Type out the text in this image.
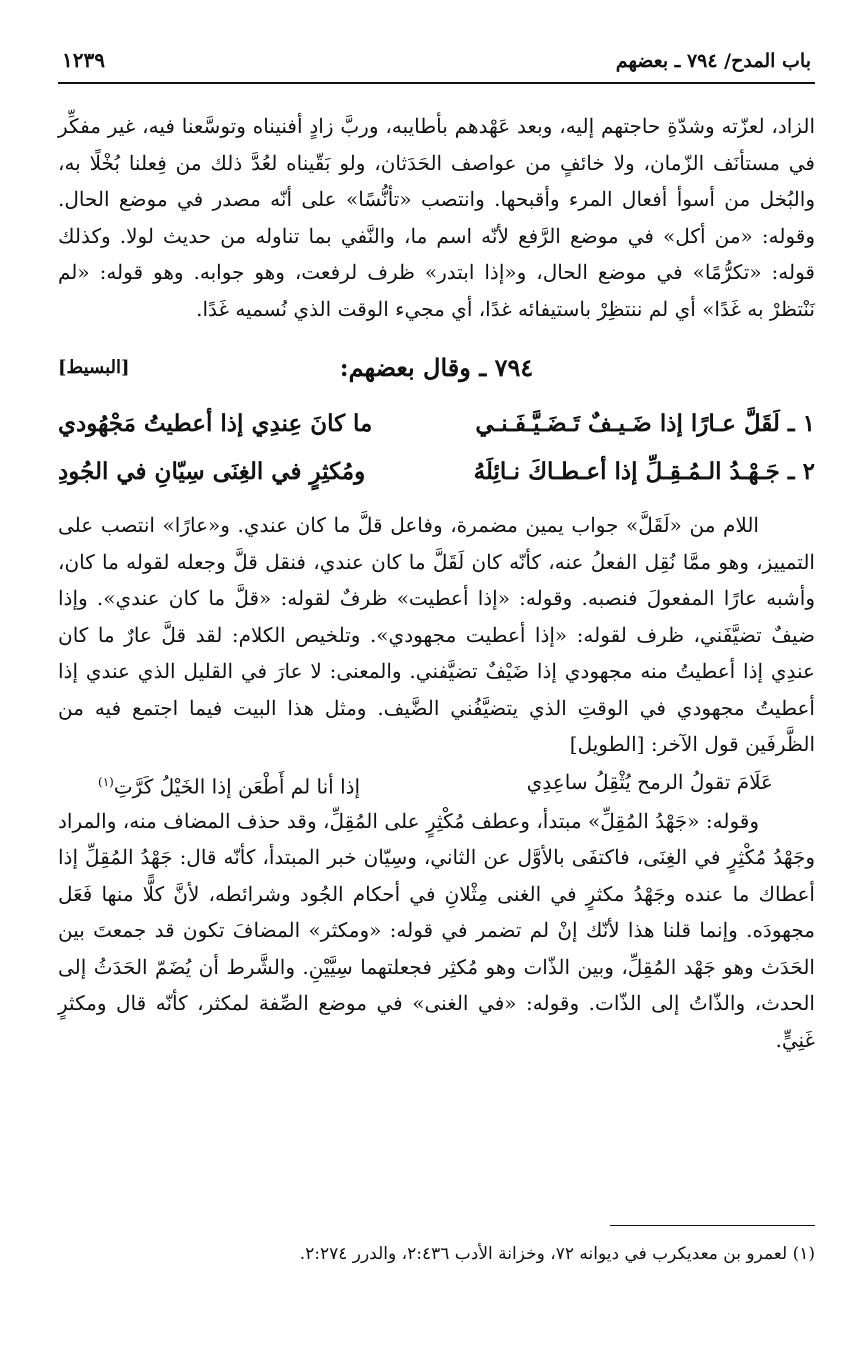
باب المدح/ ٧٩٤ ـ بعضهم
١٢٣٩

الزاد، لعزّته وشدّةِ حاجتهم إليه، وبعد عَهْدهم بأطايبه، وربَّ زادٍ أفنيناه وتوسَّعنا فيه، غير مفكِّر في مستأنَف الزّمان، ولا خائفٍ من عواصف الحَدَثان، ولو بَقّيناه لعُدَّ ذلك من فِعلنا بُخْلًا به، والبُخل من أسوأ أفعال المرء وأقبحها. وانتصب «تأنُّسًا» على أنّه مصدر في موضع الحال. وقوله: «من أكل» في موضع الرَّفع لأنّه اسم ما، والنَّفي بما تناوله من حديث لولا. وكذلك قوله: «تكرُّمًا» في موضع الحال، و«إذا ابتدر» ظرف لرفعت، وهو جوابه. وهو قوله: «لم نَنْتظرْ به غَدًا» أي لم ننتظِرْ باستيفائه غدًا، أي مجيء الوقت الذي نُسميه غَدًا.

٧٩٤ ـ وقال بعضهم:
[البسيط]
١ ـ لَقَلَّ عـارًا إذا ضَـيـفٌ تَـضَـيَّـفَـنـي
ما كانَ عِندِي إذا أعطيتُ مَجْهُودي
٢ ـ جَـهْـدُ الـمُـقِـلِّ إذا أعـطـاكَ نـائِلَهُ
ومُكثِرٍ في الغِنَى سِيّانِ في الجُودِ

اللام من «لَقَلَّ» جواب يمين مضمرة، وفاعل قلَّ ما كان عندي. و«عارًا» انتصب على التمييز، وهو ممَّا نُقِل الفعلُ عنه، كأنّه كان لَقَلَّ ما كان عندي، فنقل قلَّ وجعله لقوله ما كان، وأشبه عارًا المفعولَ فنصبه. وقوله: «إذا أعطيت» ظرفٌ لقوله: «قلَّ ما كان عندي». وإذا ضيفٌ تضيَّفَني، ظرف لقوله: «إذا أعطيت مجهودي». وتلخيص الكلام: لقد قلَّ عارٌ ما كان عندِي إذا أعطيتُ منه مجهودي إذا ضَيْفٌ تضيَّفني. والمعنى: لا عارَ في القليل الذي عندي إذا أعطيتُ مجهودي في الوقتِ الذي يتضيَّفُني الضَّيف. ومثل هذا البيت فيما اجتمع فيه من الظَّرفَين قول الآخر: [الطويل]

عَلَامَ تقولُ الرمح يُثْقِلُ ساعِدِي
إذا أنا لم أَطْعَن إذا الخَيْلُ كَرَّتِ$^{(١)}$

وقوله: «جَهْدُ المُقِلِّ» مبتدأ، وعطف مُكْثِرٍ على المُقِلِّ، وقد حذف المضاف منه، والمراد وجَهْدُ مُكْثِرٍ في الغِنَى، فاكتفَى بالأوَّل عن الثاني، وسِيّان خبر المبتدأ، كأنّه قال: جَهْدُ المُقِلِّ إذا أعطاك ما عنده وجَهْدُ مكثرٍ في الغنى مِثْلانِ في أحكام الجُود وشرائطه، لأنَّ كلًّا منها فَعَل مجهودَه. وإنما قلنا هذا لأنّك إنْ لم تضمر في قوله: «ومكثر» المضافَ تكون قد جمعتَ بين الحَدَث وهو جَهْد المُقِلِّ، وبين الذّات وهو مُكثِر فجعلتهما سِيَّيْنِ. والشَّرط أن يُضَمّ الحَدَثُ إلى الحدث، والذّاتُ إلى الذّات. وقوله: «في الغنى» في موضع الصِّفة لمكثر، كأنّه قال ومكثرٍ غَنِيٍّ.

(١) لعمرو بن معديكرب في ديوانه ٧٢، وخزانة الأدب ٢:٤٣٦، والدرر ٢:٢٧٤.
